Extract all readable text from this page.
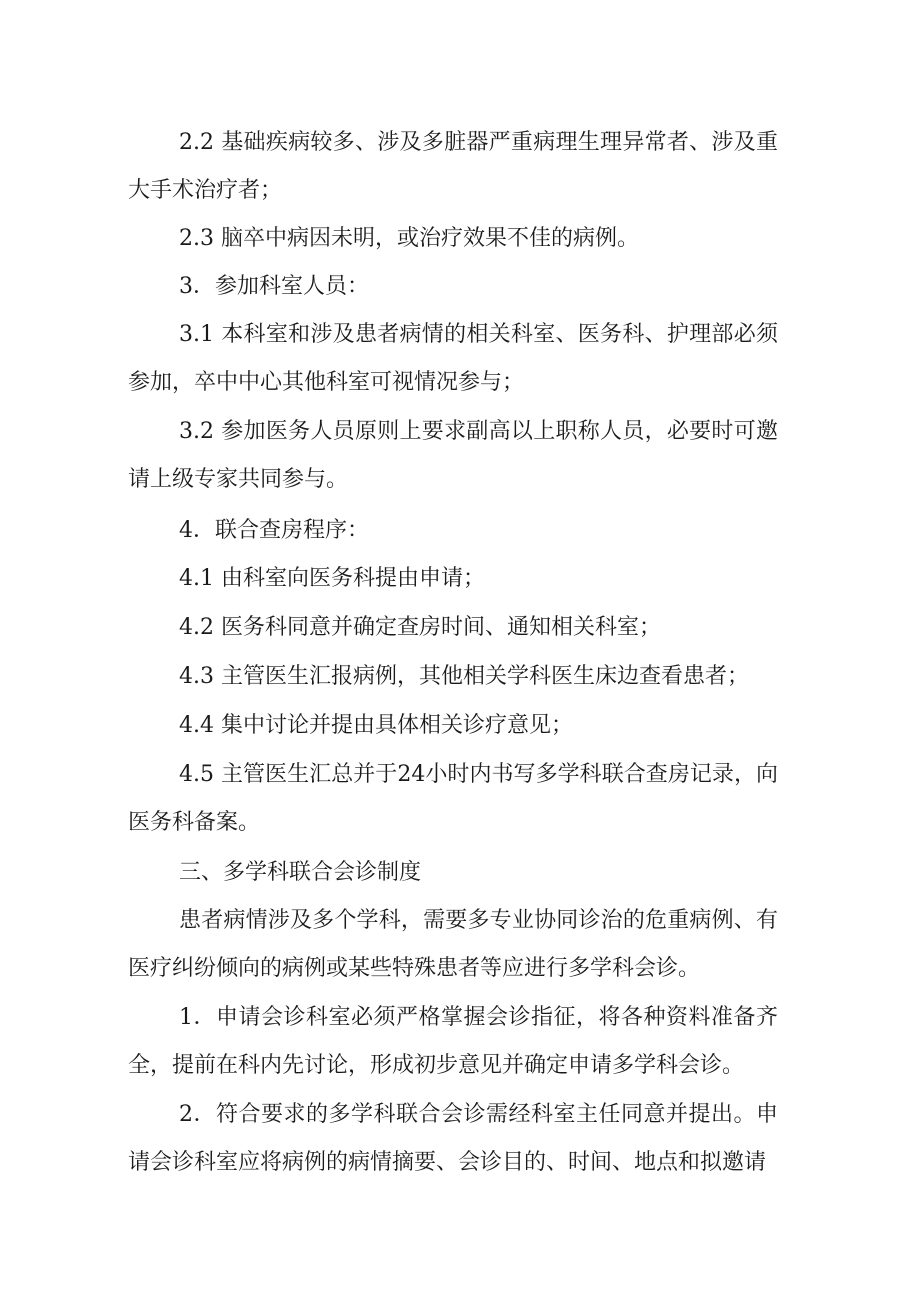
2.2 基础疾病较多、涉及多脏器严重病理生理异常者、涉及重大手术治疗者；

2.3 脑卒中病因未明，或治疗效果不佳的病例。

3．参加科室人员：

3.1 本科室和涉及患者病情的相关科室、医务科、护理部必须参加，卒中中心其他科室可视情况参与；

3.2 参加医务人员原则上要求副高以上职称人员，必要时可邀请上级专家共同参与。

4．联合查房程序：

4.1 由科室向医务科提由申请；

4.2 医务科同意并确定查房时间、通知相关科室；

4.3 主管医生汇报病例，其他相关学科医生床边查看患者；

4.4 集中讨论并提由具体相关诊疗意见；

4.5 主管医生汇总并于24小时内书写多学科联合查房记录，向医务科备案。

三、多学科联合会诊制度

患者病情涉及多个学科，需要多专业协同诊治的危重病例、有医疗纠纷倾向的病例或某些特殊患者等应进行多学科会诊。

1．申请会诊科室必须严格掌握会诊指征，将各种资料准备齐全，提前在科内先讨论，形成初步意见并确定申请多学科会诊。

2．符合要求的多学科联合会诊需经科室主任同意并提出。申请会诊科室应将病例的病情摘要、会诊目的、时间、地点和拟邀请
